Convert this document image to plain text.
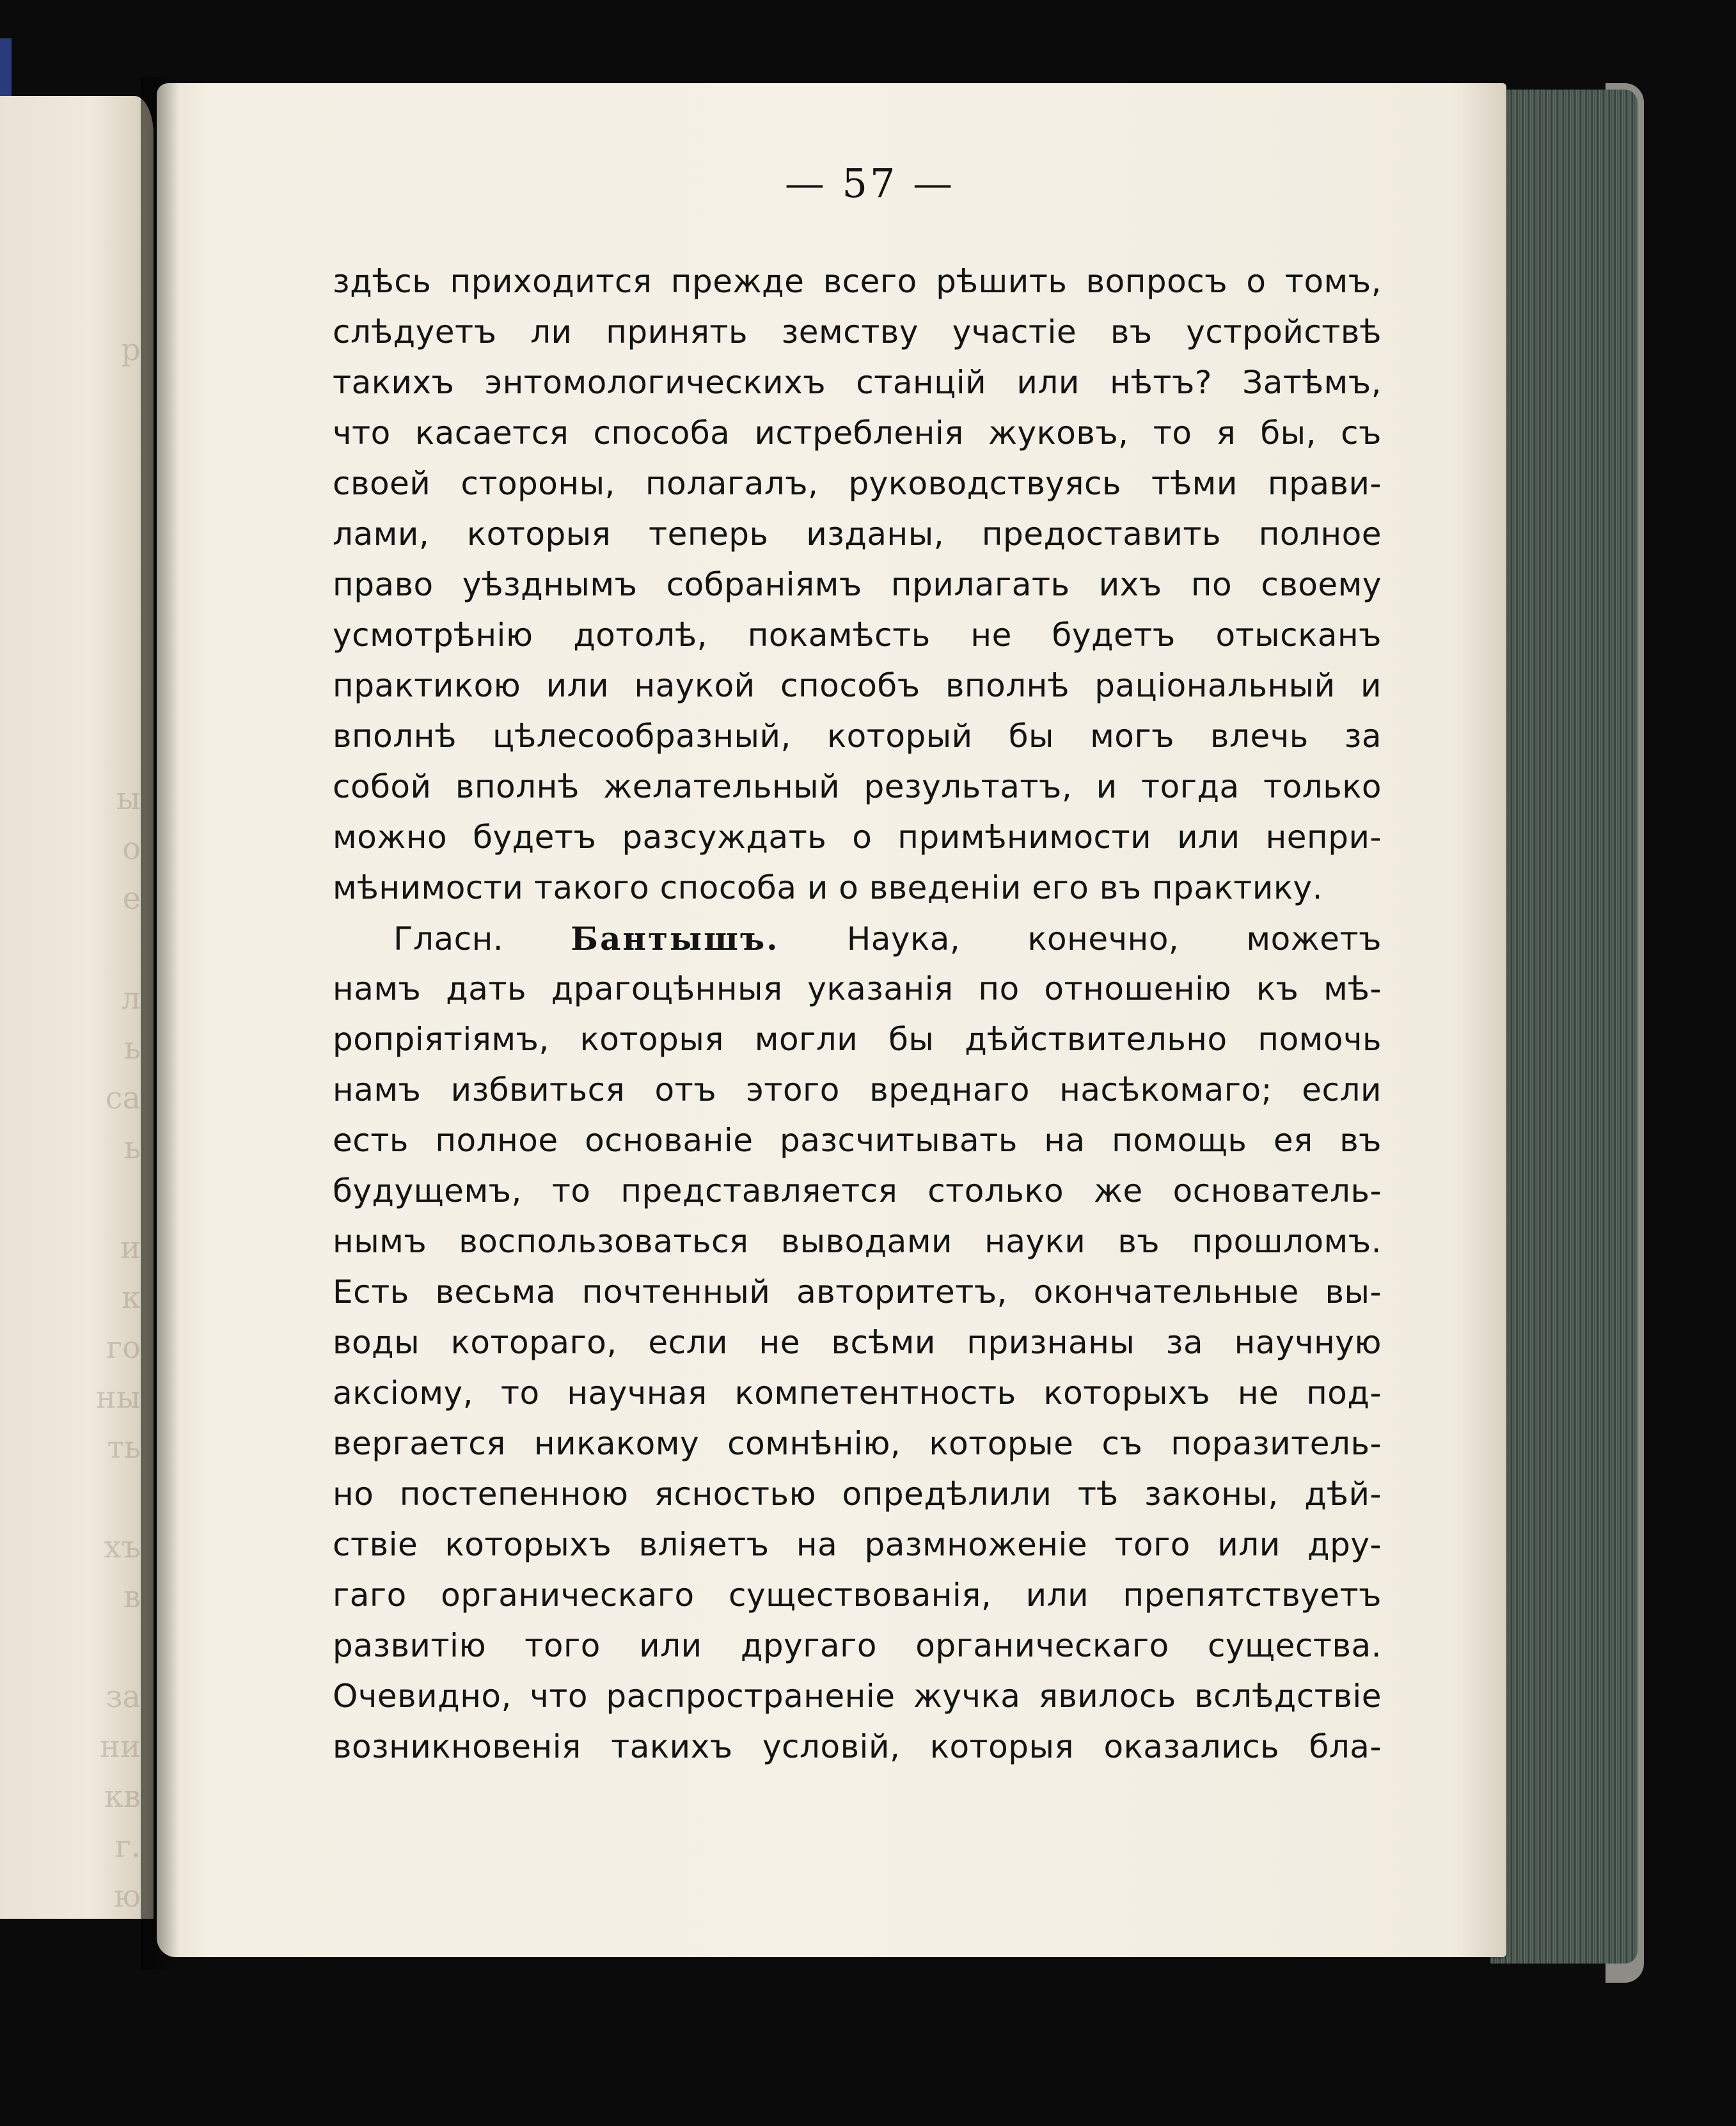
р

ы
о
е

л
ь
са
ь

и
к
го
ны
ть

хъ
в

за
ни
кв
г.
ю
— 57 —
здѣсь приходится прежде всего рѣшить вопросъ о томъ,
слѣдуетъ ли принять земству участіе въ устройствѣ
такихъ энтомологическихъ станцій или нѣтъ? Затѣмъ,
что касается способа истребленія жуковъ, то я бы, съ
своей стороны, полагалъ, руководствуясь тѣми прави-
лами, которыя теперь изданы, предоставить полное
право уѣзднымъ собраніямъ прилагать ихъ по своему
усмотрѣнію дотолѣ, покамѣсть не будетъ отысканъ
практикою или наукой способъ вполнѣ раціональный и
вполнѣ цѣлесообразный, который бы могъ влечь за
собой вполнѣ желательный результатъ, и тогда только
можно будетъ разсуждать о примѣнимости или непри-
мѣнимости такого способа и о введеніи его въ практику.
Гласн. Бантышъ. Наука, конечно, можетъ
намъ дать драгоцѣнныя указанія по отношенію къ мѣ-
ропріятіямъ, которыя могли бы дѣйствительно помочь
намъ избвиться отъ этого вреднаго насѣкомаго; если
есть полное основаніе разсчитывать на помощь ея въ
будущемъ, то представляется столько же основатель-
нымъ воспользоваться выводами науки въ прошломъ.
Есть весьма почтенный авторитетъ, окончательные вы-
воды котораго, если не всѣми признаны за научную
аксіому, то научная компетентность которыхъ не под-
вергается никакому сомнѣнію, которые съ поразитель-
но постепенною ясностью опредѣлили тѣ законы, дѣй-
ствіе которыхъ вліяетъ на размноженіе того или дру-
гаго органическаго существованія, или препятствуетъ
развитію того или другаго органическаго существа.
Очевидно, что распространеніе жучка явилось вслѣдствіе
возникновенія такихъ условій, которыя оказались бла-
